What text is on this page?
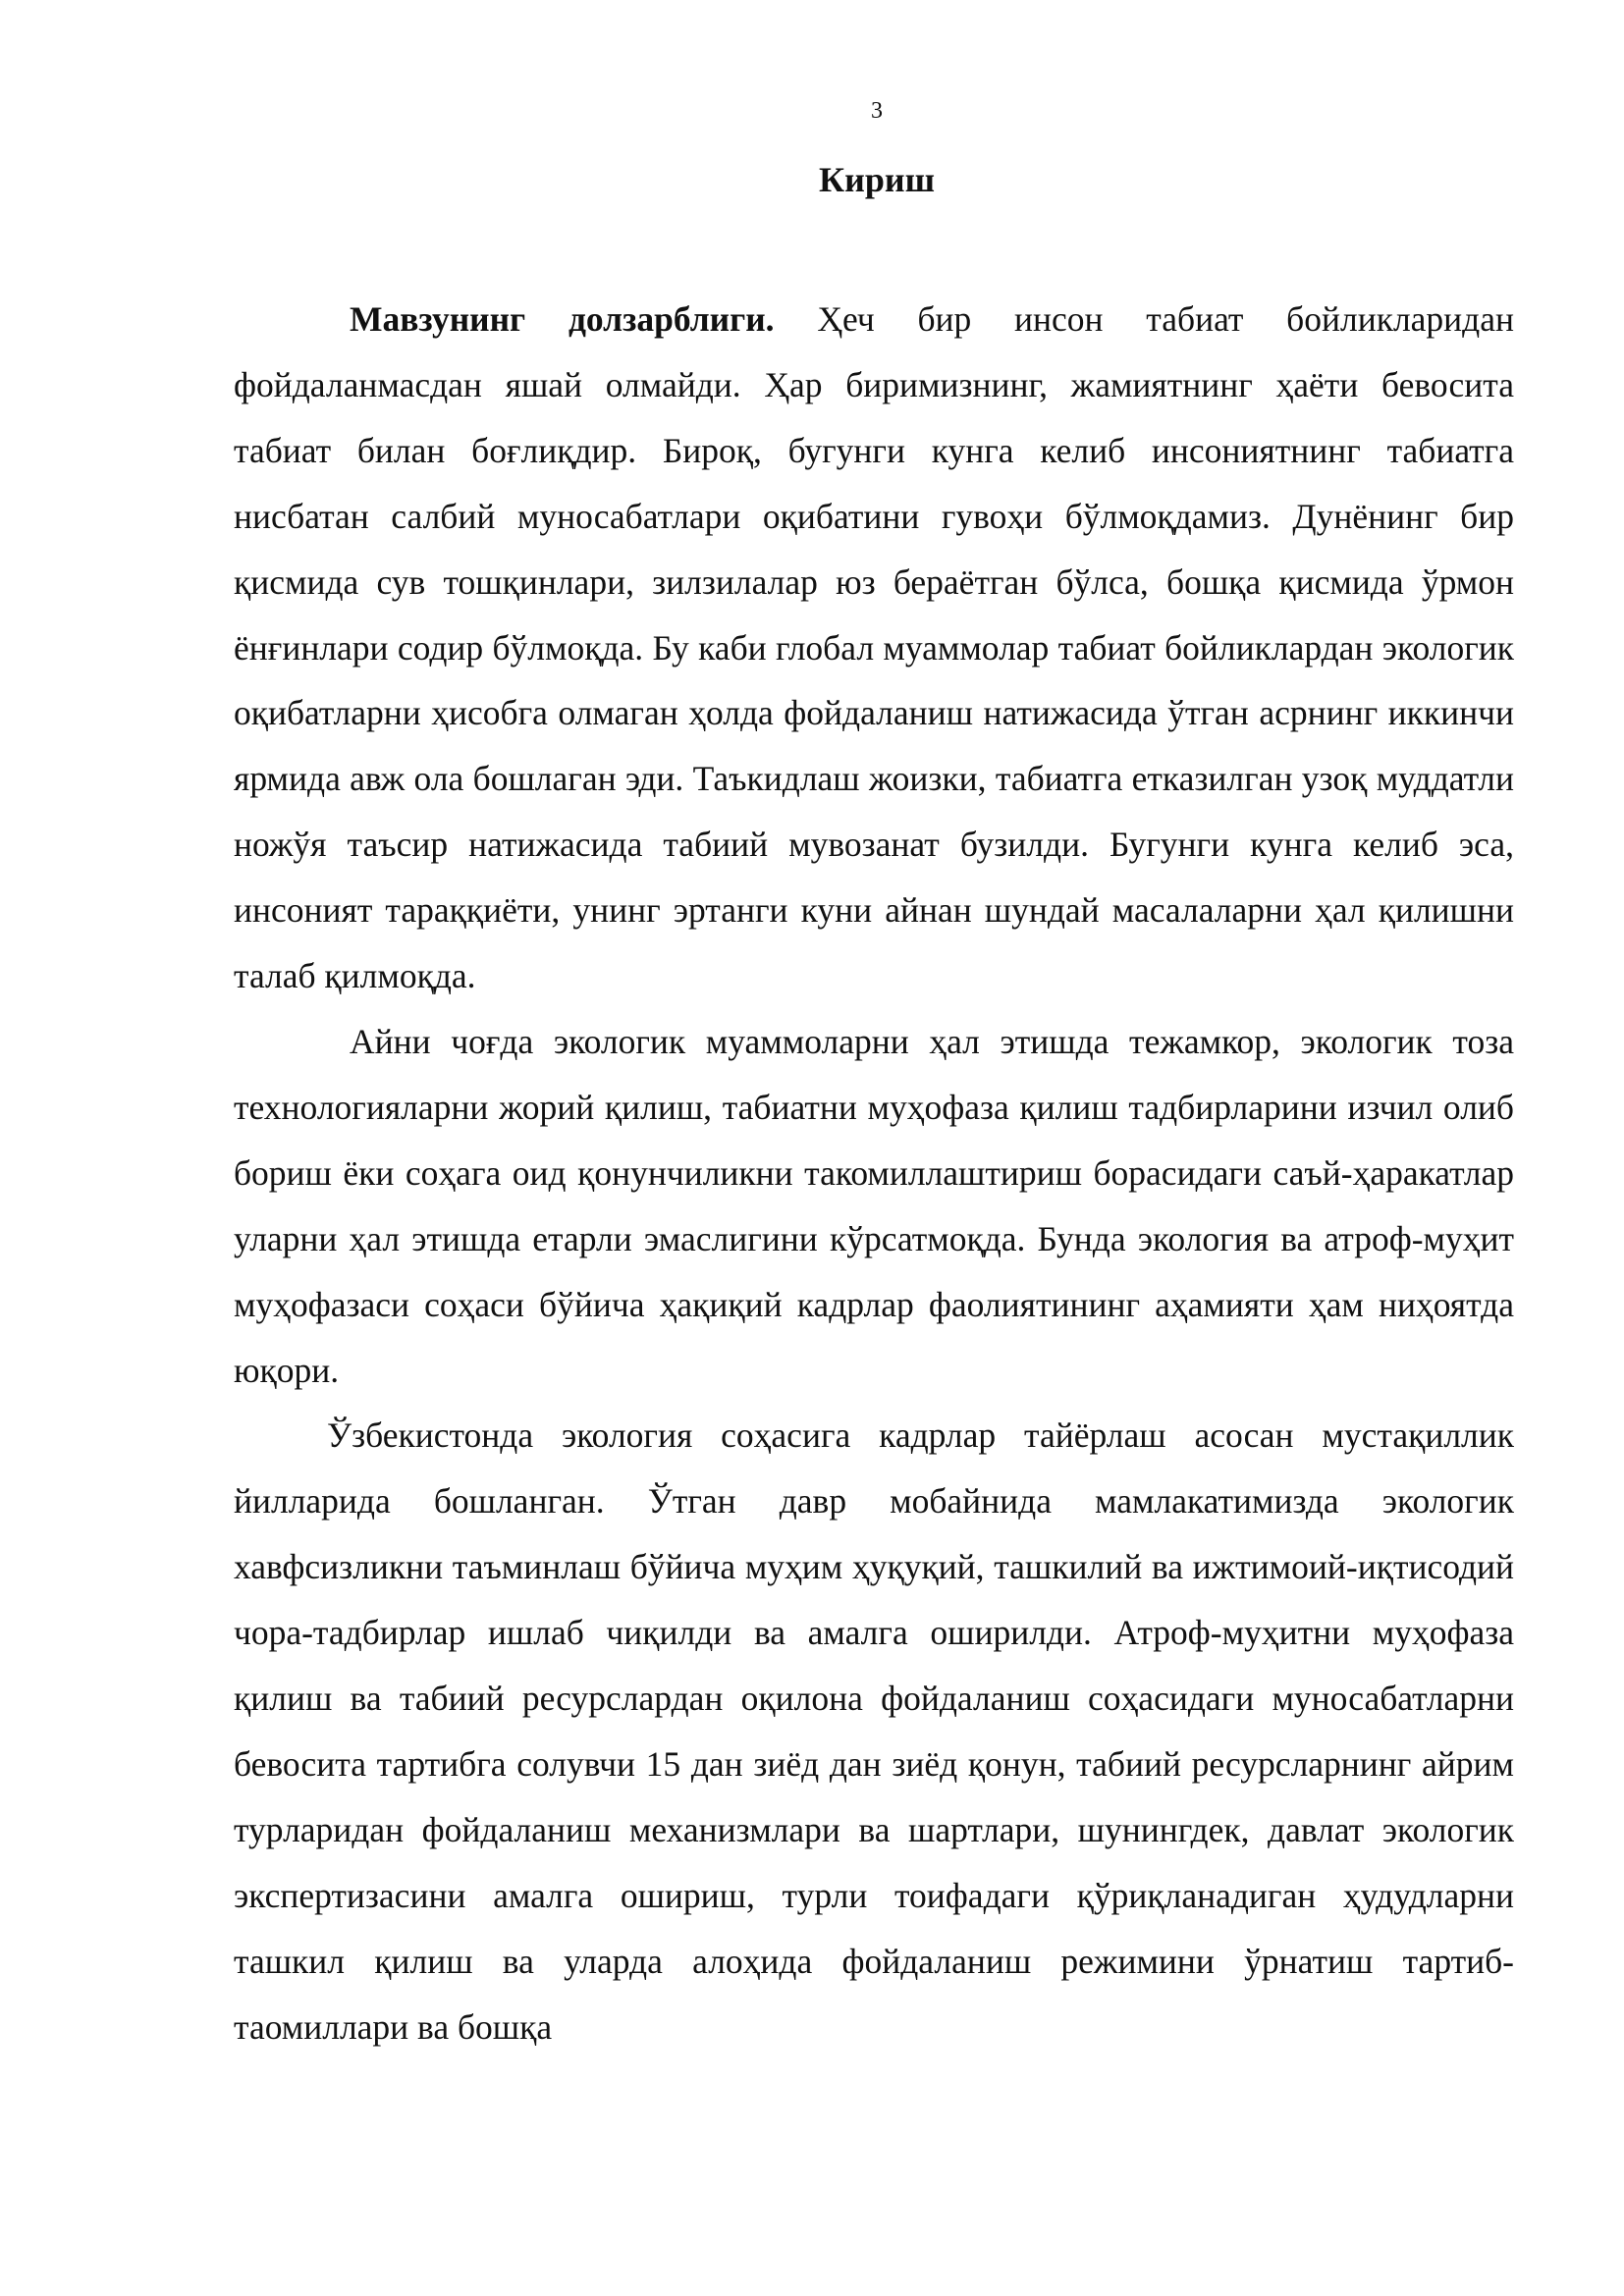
3
Кириш

Мавзунинг долзарблиги. Ҳеч бир инсон табиат бойликларидан фойдаланмасдан яшай олмайди. Ҳар биримизнинг, жамиятнинг ҳаёти бевосита табиат билан боғлиқдир. Бироқ, бугунги кунга келиб инсониятнинг табиатга нисбатан салбий муносабатлари оқибатини гувоҳи бўлмоқдамиз. Дунёнинг бир қисмида сув тошқинлари, зилзилалар юз бераётган бўлса, бошқа қисмида ўрмон ёнғинлари содир бўлмоқда. Бу каби глобал муаммолар табиат бойликлардан экологик оқибатларни ҳисобга олмаган ҳолда фойдаланиш натижасида ўтган асрнинг иккинчи ярмида авж ола бошлаган эди. Таъкидлаш жоизки, табиатга етказилган узоқ муддатли ножўя таъсир натижасида табиий мувозанат бузилди. Бугунги кунга келиб эса, инсоният тараққиёти, унинг эртанги куни айнан шундай масалаларни ҳал қилишни талаб қилмоқда.

Айни чоғда экологик муаммоларни ҳал этишда тежамкор, экологик тоза технологияларни жорий қилиш, табиатни муҳофаза қилиш тадбирларини изчил олиб бориш ёки соҳага оид қонунчиликни такомиллаштириш борасидаги саъй-ҳаракатлар уларни ҳал этишда етарли эмаслигини кўрсатмоқда. Бунда экология ва атроф-муҳит муҳофазаси соҳаси бўйича ҳақиқий кадрлар фаолиятининг аҳамияти ҳам ниҳоятда юқори.

Ўзбекистонда экология соҳасига кадрлар тайёрлаш асосан мустақиллик йилларида бошланган. Ўтган давр мобайнида мамлакатимизда экологик хавфсизликни таъминлаш бўйича муҳим ҳуқуқий, ташкилий ва ижтимоий-иқтисодий чора-тадбирлар ишлаб чиқилди ва амалга оширилди. Атроф-муҳитни муҳофаза қилиш ва табиий ресурслардан оқилона фойдаланиш соҳасидаги муносабатларни бевосита тартибга солувчи 15 дан зиёд дан зиёд қонун, табиий ресурсларнинг айрим турларидан фойдаланиш механизмлари ва шартлари, шунингдек, давлат экологик экспертизасини амалга ошириш, турли тоифадаги қўриқланадиган ҳудудларни ташкил қилиш ва уларда алоҳида фойдаланиш режимини ўрнатиш тартиб-таомиллари ва бошқа
